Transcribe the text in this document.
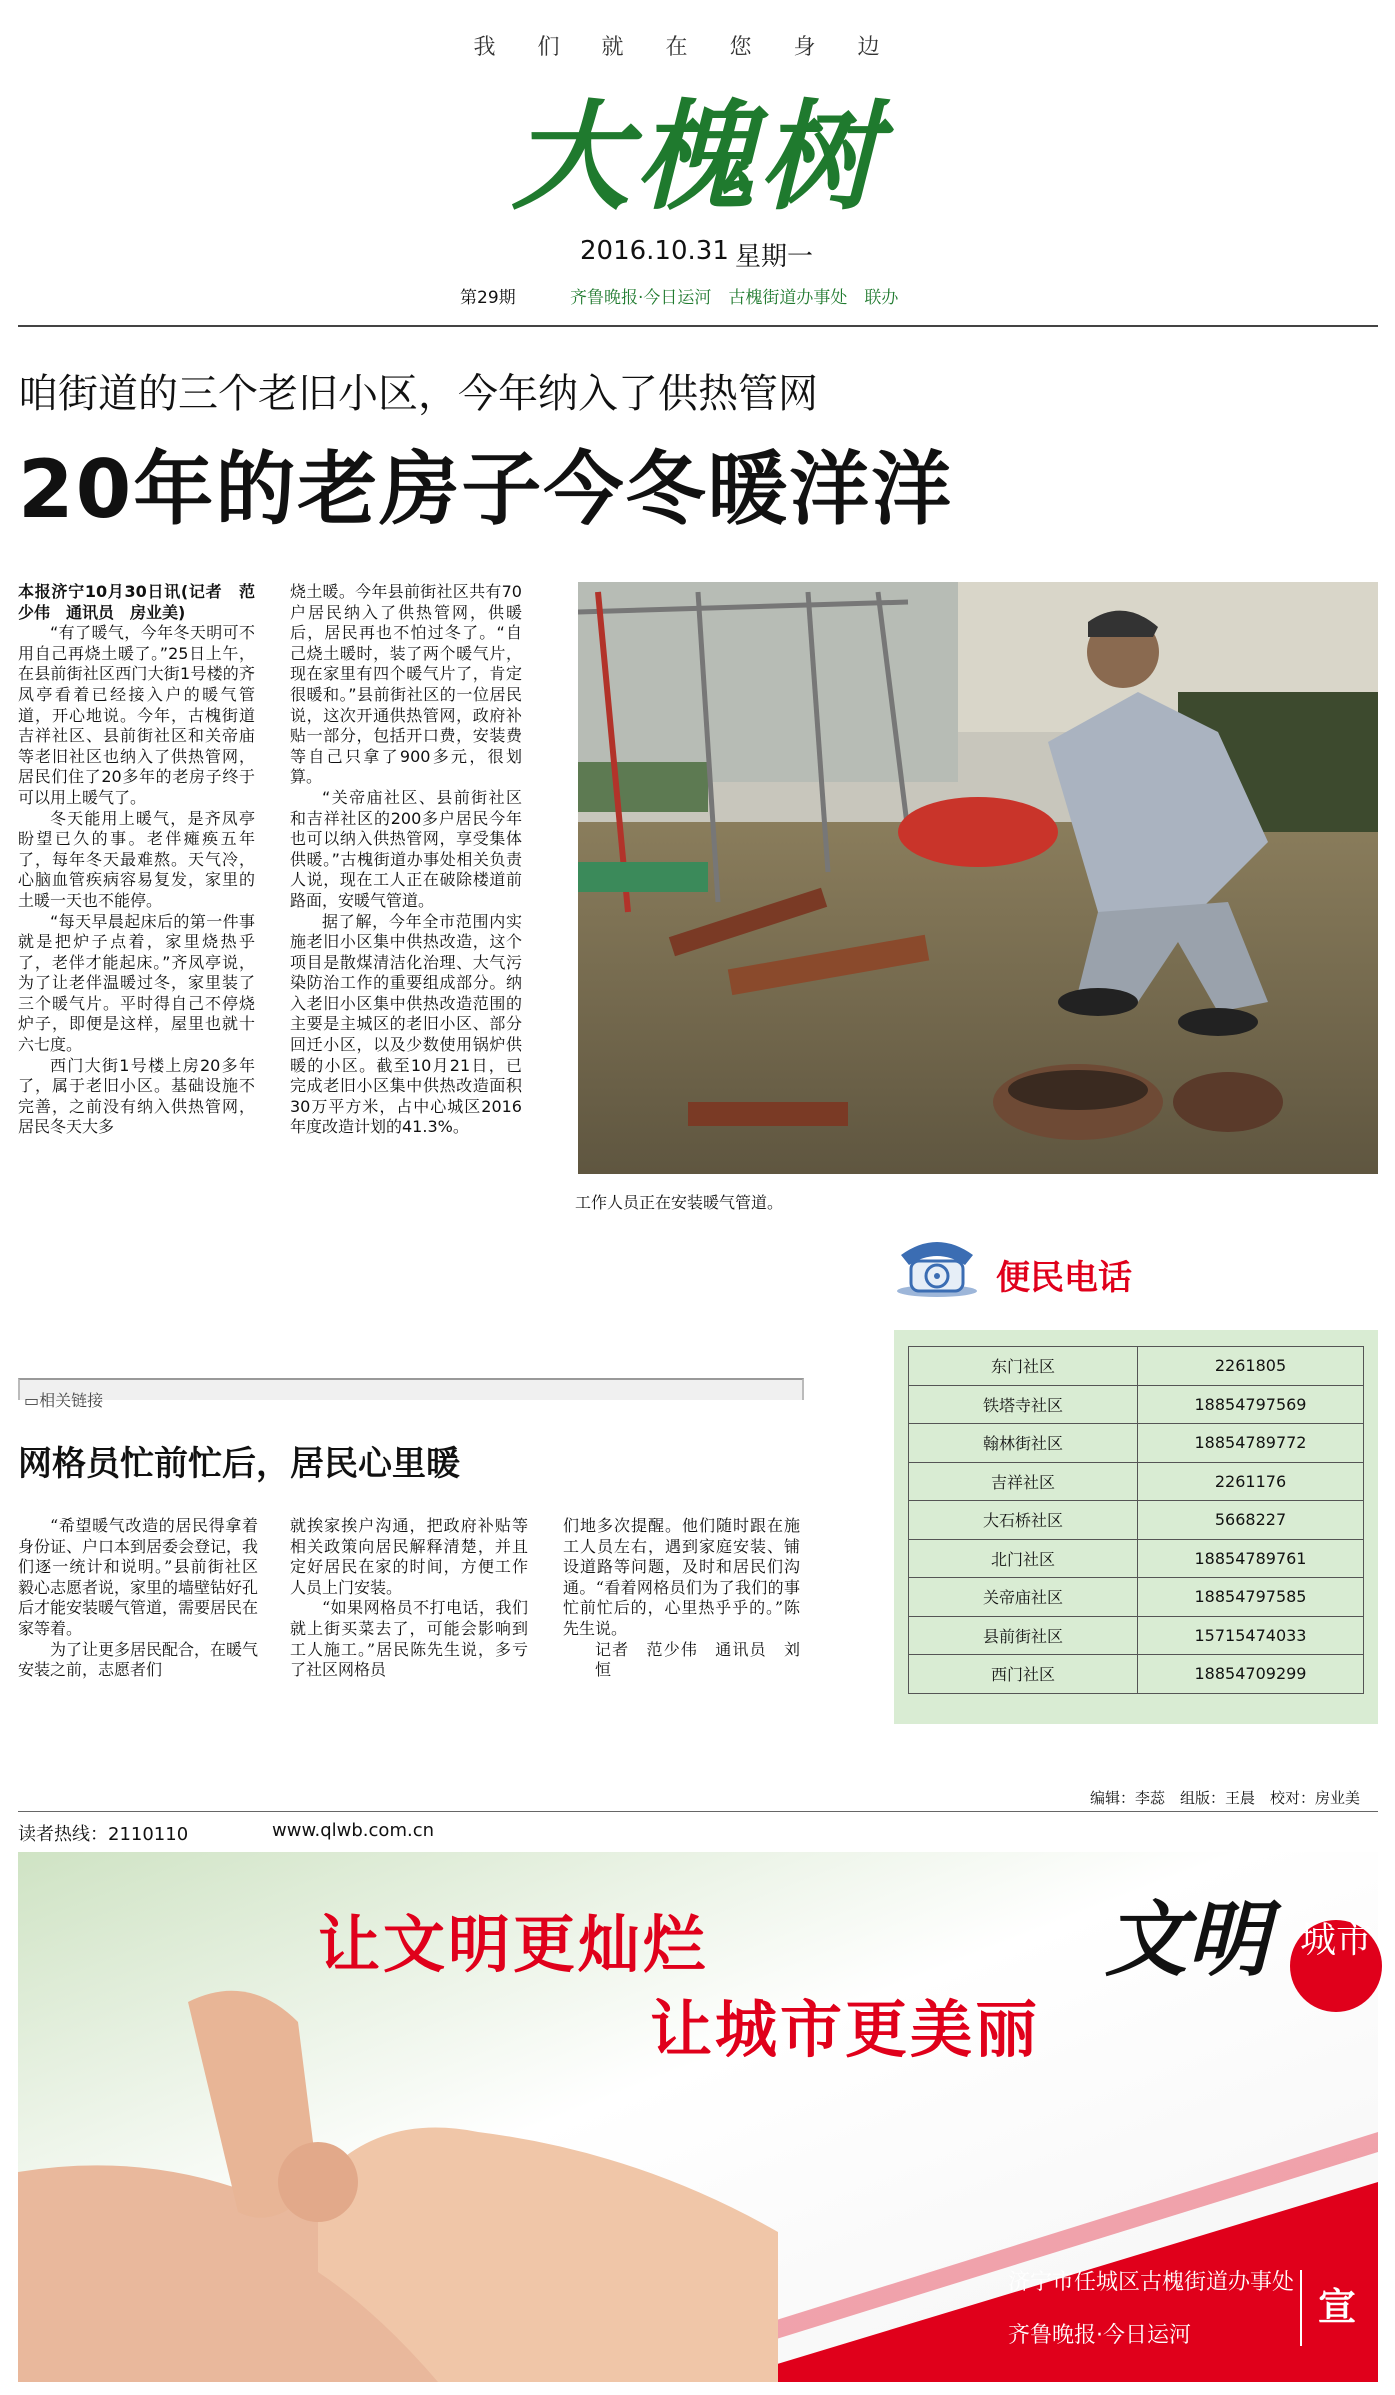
我们就在您身边
大槐树
2016.10.31 星期一
第29期	齐鲁晚报·今日运河　古槐街道办事处　联办
咱街道的三个老旧小区，今年纳入了供热管网
20年的老房子今冬暖洋洋

本报济宁10月30日讯(记者　范少伟　通讯员　房业美)

“有了暖气，今年冬天明可不用自己再烧土暖了。”25日上午，在县前街社区西门大街1号楼的齐凤亭看着已经接入户的暖气管道，开心地说。今年，古槐街道吉祥社区、县前街社区和关帝庙等老旧社区也纳入了供热管网，居民们住了20多年的老房子终于可以用上暖气了。

冬天能用上暖气，是齐凤亭盼望已久的事。老伴瘫痪五年了，每年冬天最难熬。天气冷，心脑血管疾病容易复发，家里的土暖一天也不能停。

“每天早晨起床后的第一件事就是把炉子点着，家里烧热乎了，老伴才能起床。”齐凤亭说，为了让老伴温暖过冬，家里装了三个暖气片。平时得自己不停烧炉子，即便是这样，屋里也就十六七度。

西门大街1号楼上房20多年了，属于老旧小区。基础设施不完善，之前没有纳入供热管网，居民冬天大多

烧土暖。今年县前街社区共有70户居民纳入了供热管网，供暖后，居民再也不怕过冬了。“自己烧土暖时，装了两个暖气片，现在家里有四个暖气片了，肯定很暖和。”县前街社区的一位居民说，这次开通供热管网，政府补贴一部分，包括开口费，安装费等自己只拿了900多元，很划算。

“关帝庙社区、县前街社区和吉祥社区的200多户居民今年也可以纳入供热管网，享受集体供暖。”古槐街道办事处相关负责人说，现在工人正在破除楼道前路面，安暖气管道。

据了解，今年全市范围内实施老旧小区集中供热改造，这个项目是散煤清洁化治理、大气污染防治工作的重要组成部分。纳入老旧小区集中供热改造范围的主要是主城区的老旧小区、部分回迁小区，以及少数使用锅炉供暖的小区。截至10月21日，已完成老旧小区集中供热改造面积30万平方米，占中心城区2016年度改造计划的41.3%。

工作人员正在安装暖气管道。
便民电话
东门社区	2261805
铁塔寺社区	18854797569
翰林街社区	18854789772
吉祥社区	2261176
大石桥社区	5668227
北门社区	18854789761
关帝庙社区	18854797585
县前街社区	15715474033
西门社区	18854709299
▭相关链接
网格员忙前忙后，居民心里暖

“希望暖气改造的居民得拿着身份证、户口本到居委会登记，我们逐一统计和说明。”县前街社区毅心志愿者说，家里的墙壁钻好孔后才能安装暖气管道，需要居民在家等着。

为了让更多居民配合，在暖气安装之前，志愿者们

就挨家挨户沟通，把政府补贴等相关政策向居民解释清楚，并且定好居民在家的时间，方便工作人员上门安装。

“如果网格员不打电话，我们就上街买菜去了，可能会影响到工人施工。”居民陈先生说，多亏了社区网格员

们地多次提醒。他们随时跟在施工人员左右，遇到家庭安装、铺设道路等问题，及时和居民们沟通。“看着网格员们为了我们的事忙前忙后的，心里热乎乎的。”陈先生说。

记者　范少伟　通讯员　刘恒

编辑：李蕊　组版：王晨　校对：房业美
读者热线：2110110	www.qlwb.com.cn
让文明更灿烂
让城市更美丽
文明 城市
济宁市任城区古槐街道办事处
齐鲁晚报·今日运河
宣
